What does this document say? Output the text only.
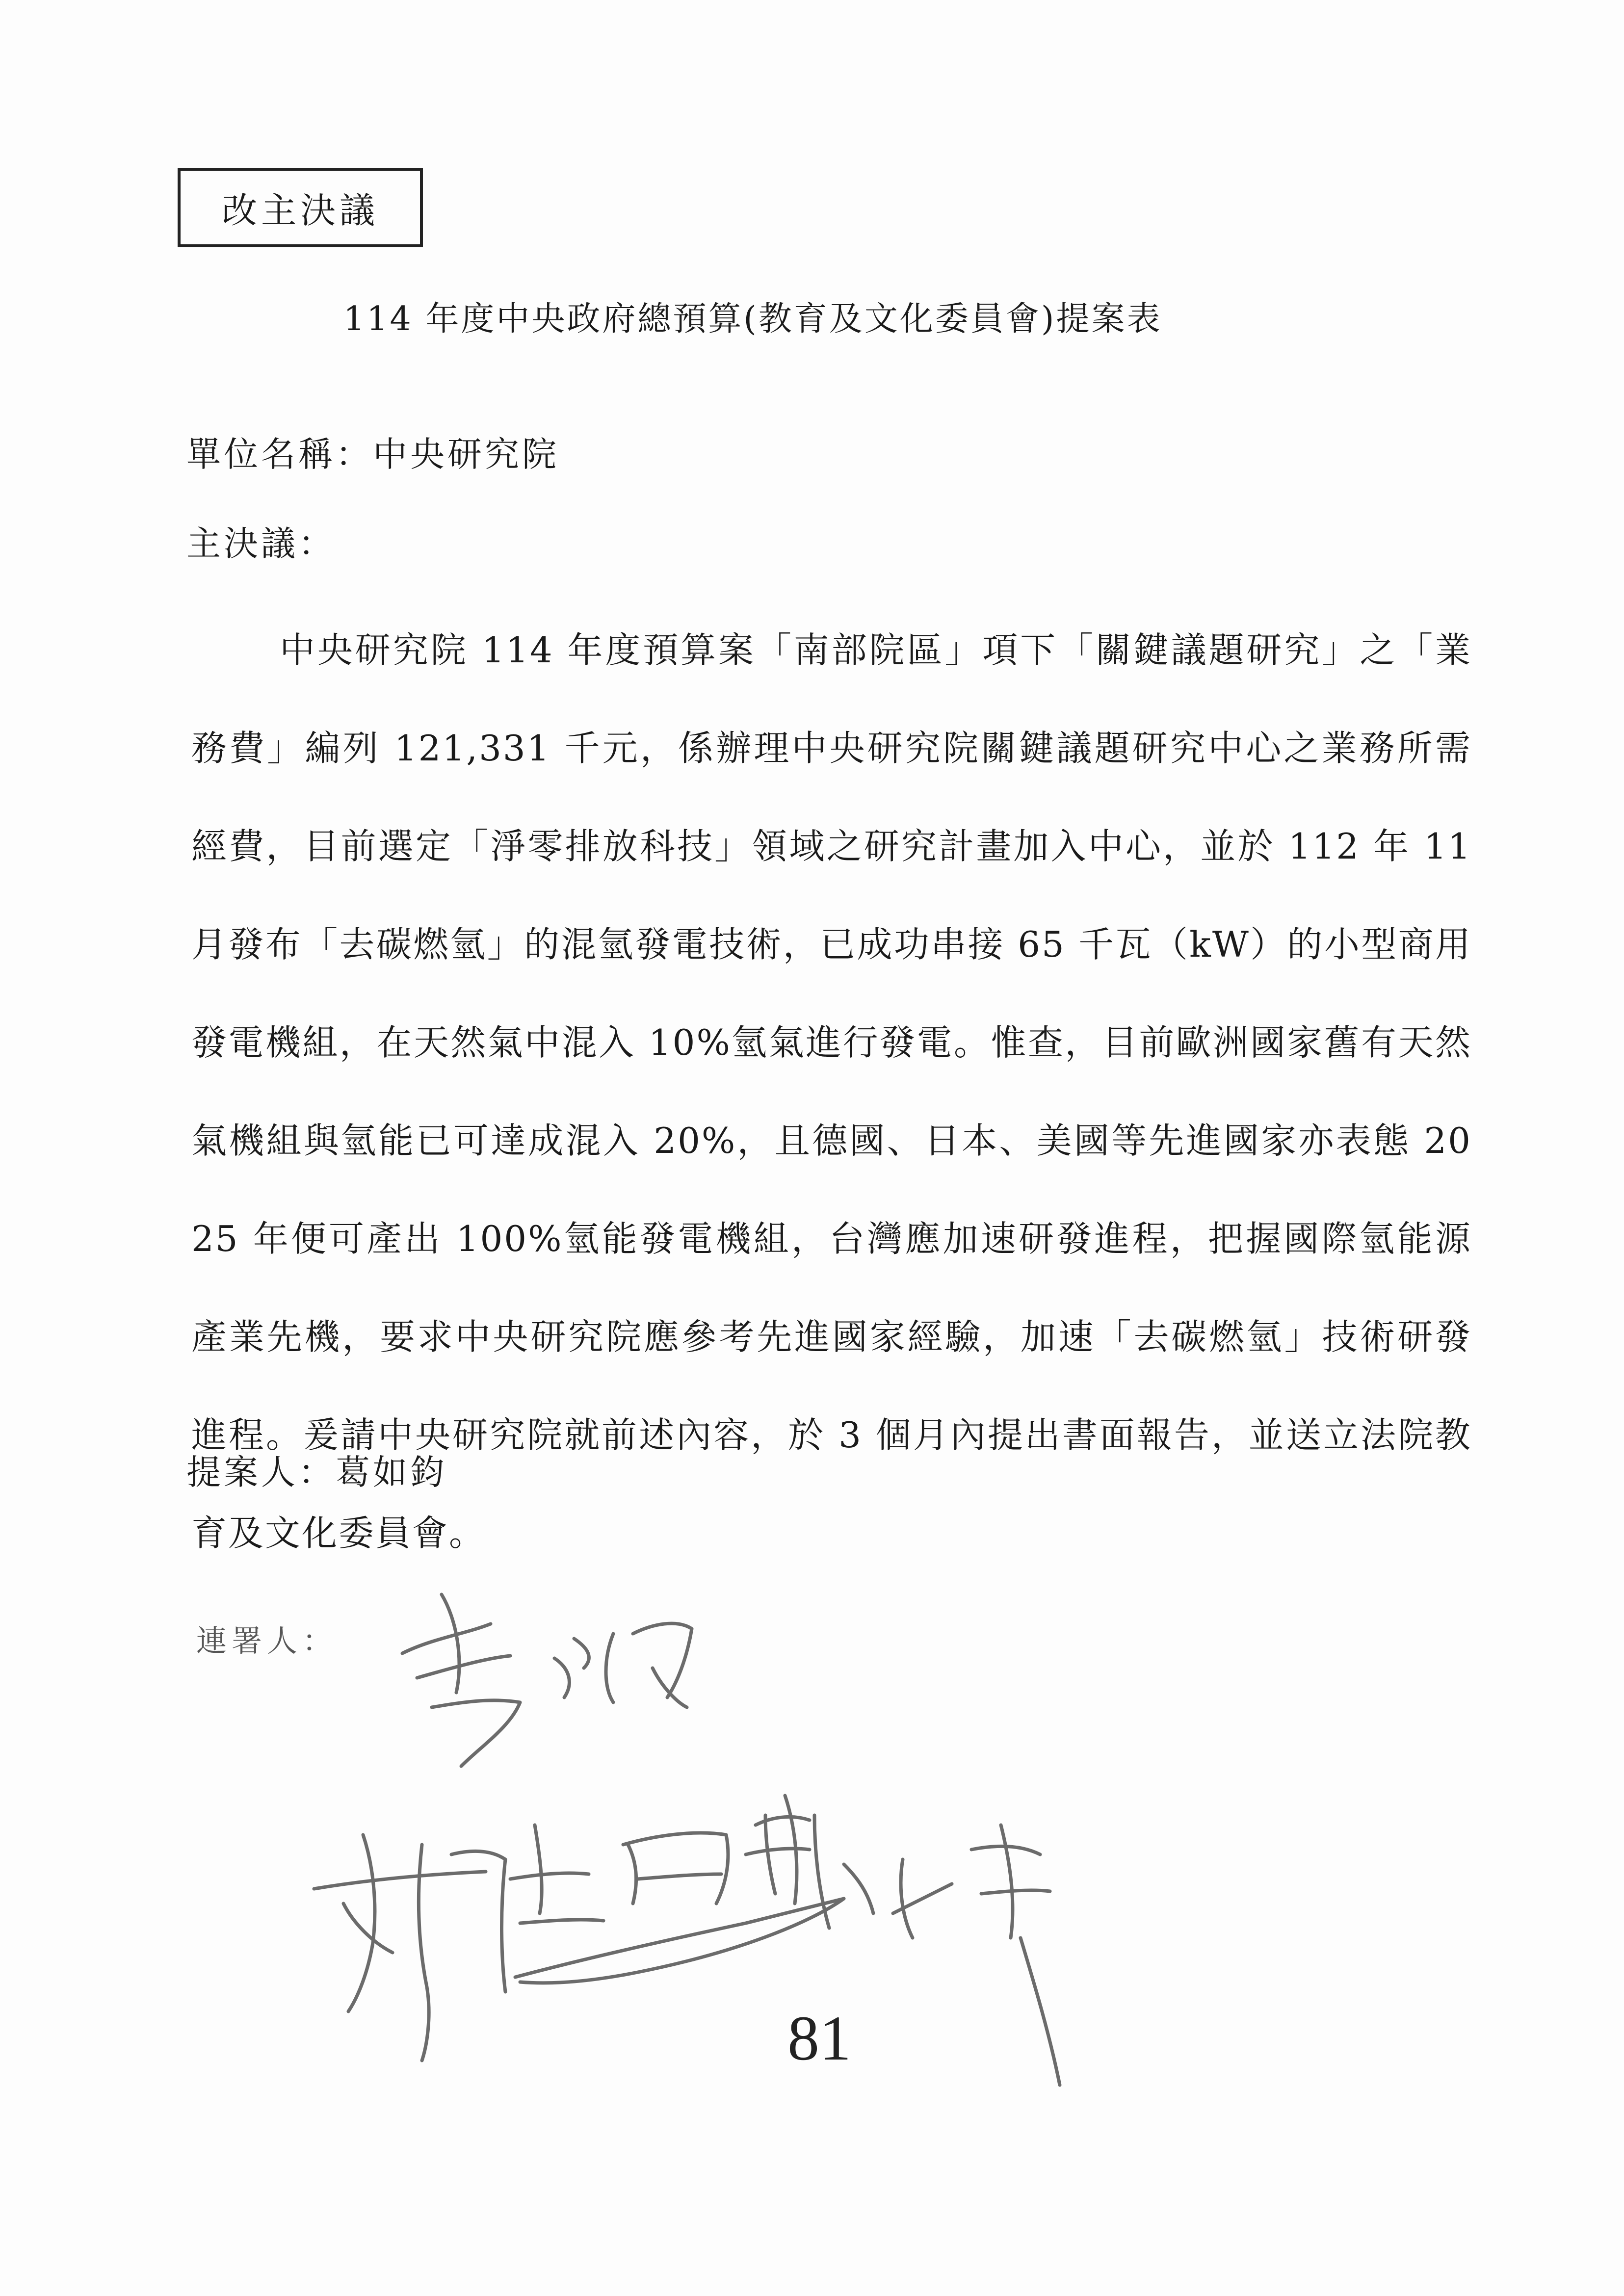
改主決議
114 年度中央政府總預算(教育及文化委員會)提案表
單位名稱：中央研究院
主決議：
中央研究院 114 年度預算案「南部院區」項下「關鍵議題研究」之「業務費」編列 121,331 千元，係辦理中央研究院關鍵議題研究中心之業務所需經費，目前選定「淨零排放科技」領域之研究計畫加入中心，並於 112 年 11 月發布「去碳燃氫」的混氫發電技術，已成功串接 65 千瓦（kW）的小型商用發電機組，在天然氣中混入 10%氫氣進行發電。惟查，目前歐洲國家舊有天然氣機組與氫能已可達成混入 20%，且德國、日本、美國等先進國家亦表態 2025 年便可產出 100%氫能發電機組，台灣應加速研發進程，把握國際氫能源產業先機，要求中央研究院應參考先進國家經驗，加速「去碳燃氫」技術研發進程。爰請中央研究院就前述內容，於 3 個月內提出書面報告，並送立法院教育及文化委員會。
提案人：葛如鈞
連署人：
81
